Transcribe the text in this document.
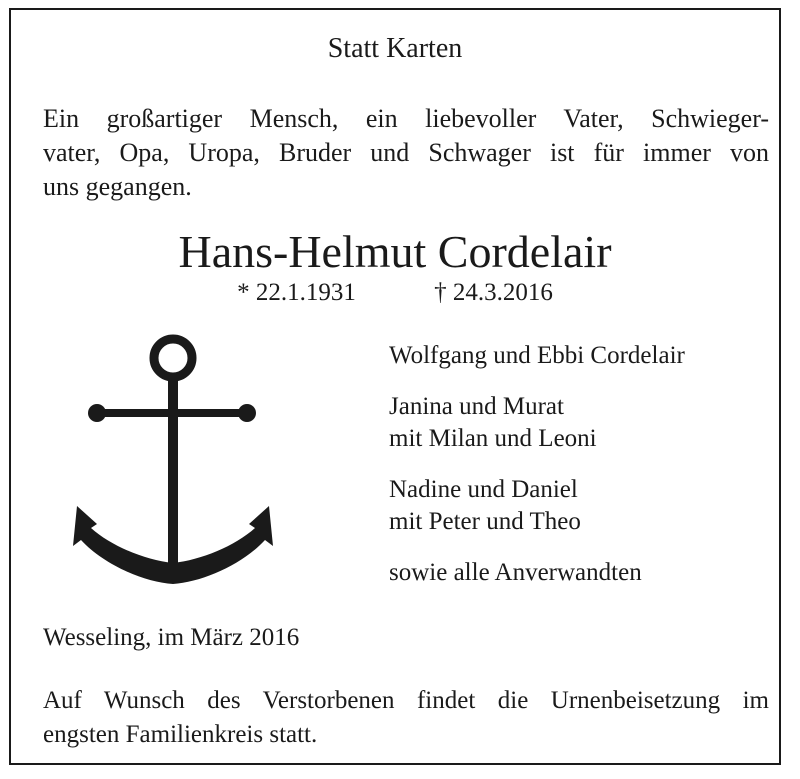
Statt Karten
Ein großartiger Mensch, ein liebevoller Vater, Schwieger-
vater, Opa, Uropa, Bruder und Schwager ist für immer von
uns gegangen.
Hans-Helmut Cordelair
* 22.1.1931	† 24.3.2016
Wolfgang und Ebbi Cordelair
Janina und Murat
mit Milan und Leoni
Nadine und Daniel
mit Peter und Theo
sowie alle Anverwandten
Wesseling, im März 2016
Auf Wunsch des Verstorbenen findet die Urnenbeisetzung im
engsten Familienkreis statt.
